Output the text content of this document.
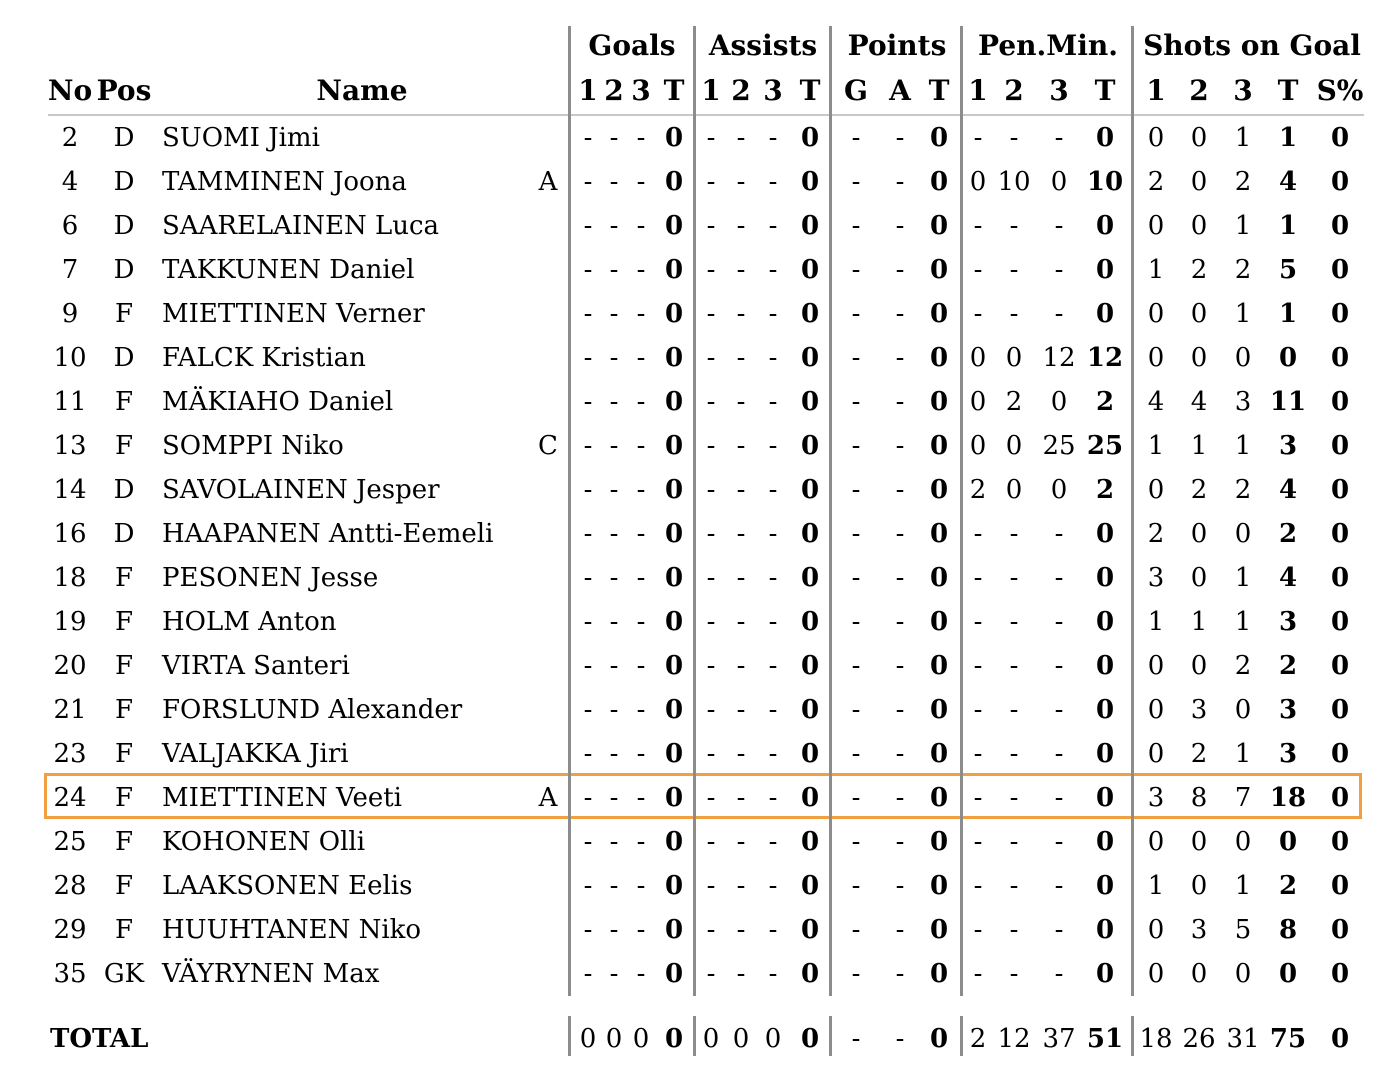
Goals Assists Points Pen.Min. Shots on Goal
No Pos	Name	1 2 3 T 1 2 3 T G A T 1 2 3 T 1 2 3 T S%
2 D SUOMI Jimi	- - - 0 - - - 0 - - 0 - - - 0 0 0 1 1 0
4 D TAMMINEN Joona	A - - - 0 - - - 0 - - 0 0 10 0 10 2 0 2 4 0
6 D SAARELAINEN Luca	- - - 0 - - - 0 - - 0 - - - 0 0 0 1 1 0
7 D TAKKUNEN Daniel	- - - 0 - - - 0 - - 0 - - - 0 1 2 2 5 0
9 F MIETTINEN Verner	- - - 0 - - - 0 - - 0 - - - 0 0 0 1 1 0
10 D FALCK Kristian	- - - 0 - - - 0 - - 0 0 0 12 12 0 0 0 0 0
11 F MÄKIAHO Daniel	- - - 0 - - - 0 - - 0 0 2 0 2 4 4 3 11 0
13 F SOMPPI Niko	C - - - 0 - - - 0 - - 0 0 0 25 25 1 1 1 3 0
14 D SAVOLAINEN Jesper	- - - 0 - - - 0 - - 0 2 0 0 2 0 2 2 4 0
16 D HAAPANEN Antti-Eemeli	- - - 0 - - - 0 - - 0 - - - 0 2 0 0 2 0
18 F PESONEN Jesse	- - - 0 - - - 0 - - 0 - - - 0 3 0 1 4 0
19 F HOLM Anton	- - - 0 - - - 0 - - 0 - - - 0 1 1 1 3 0
20 F VIRTA Santeri	- - - 0 - - - 0 - - 0 - - - 0 0 0 2 2 0
21 F FORSLUND Alexander	- - - 0 - - - 0 - - 0 - - - 0 0 3 0 3 0
23 F VALJAKKA Jiri	- - - 0 - - - 0 - - 0 - - - 0 0 2 1 3 0
24 F MIETTINEN Veeti	A - - - 0 - - - 0 - - 0 - - - 0 3 8 7 18 0
25 F KOHONEN Olli	- - - 0 - - - 0 - - 0 - - - 0 0 0 0 0 0
28 F LAAKSONEN Eelis	- - - 0 - - - 0 - - 0 - - - 0 1 0 1 2 0
29 F HUUHTANEN Niko	- - - 0 - - - 0 - - 0 - - - 0 0 3 5 8 0
35 GK VÄYRYNEN Max	- - - 0 - - - 0 - - 0 - - - 0 0 0 0 0 0
TOTAL	0 0 0 0 0 0 0 0 - - 0 2 12 37 51 18 26 31 75 0
